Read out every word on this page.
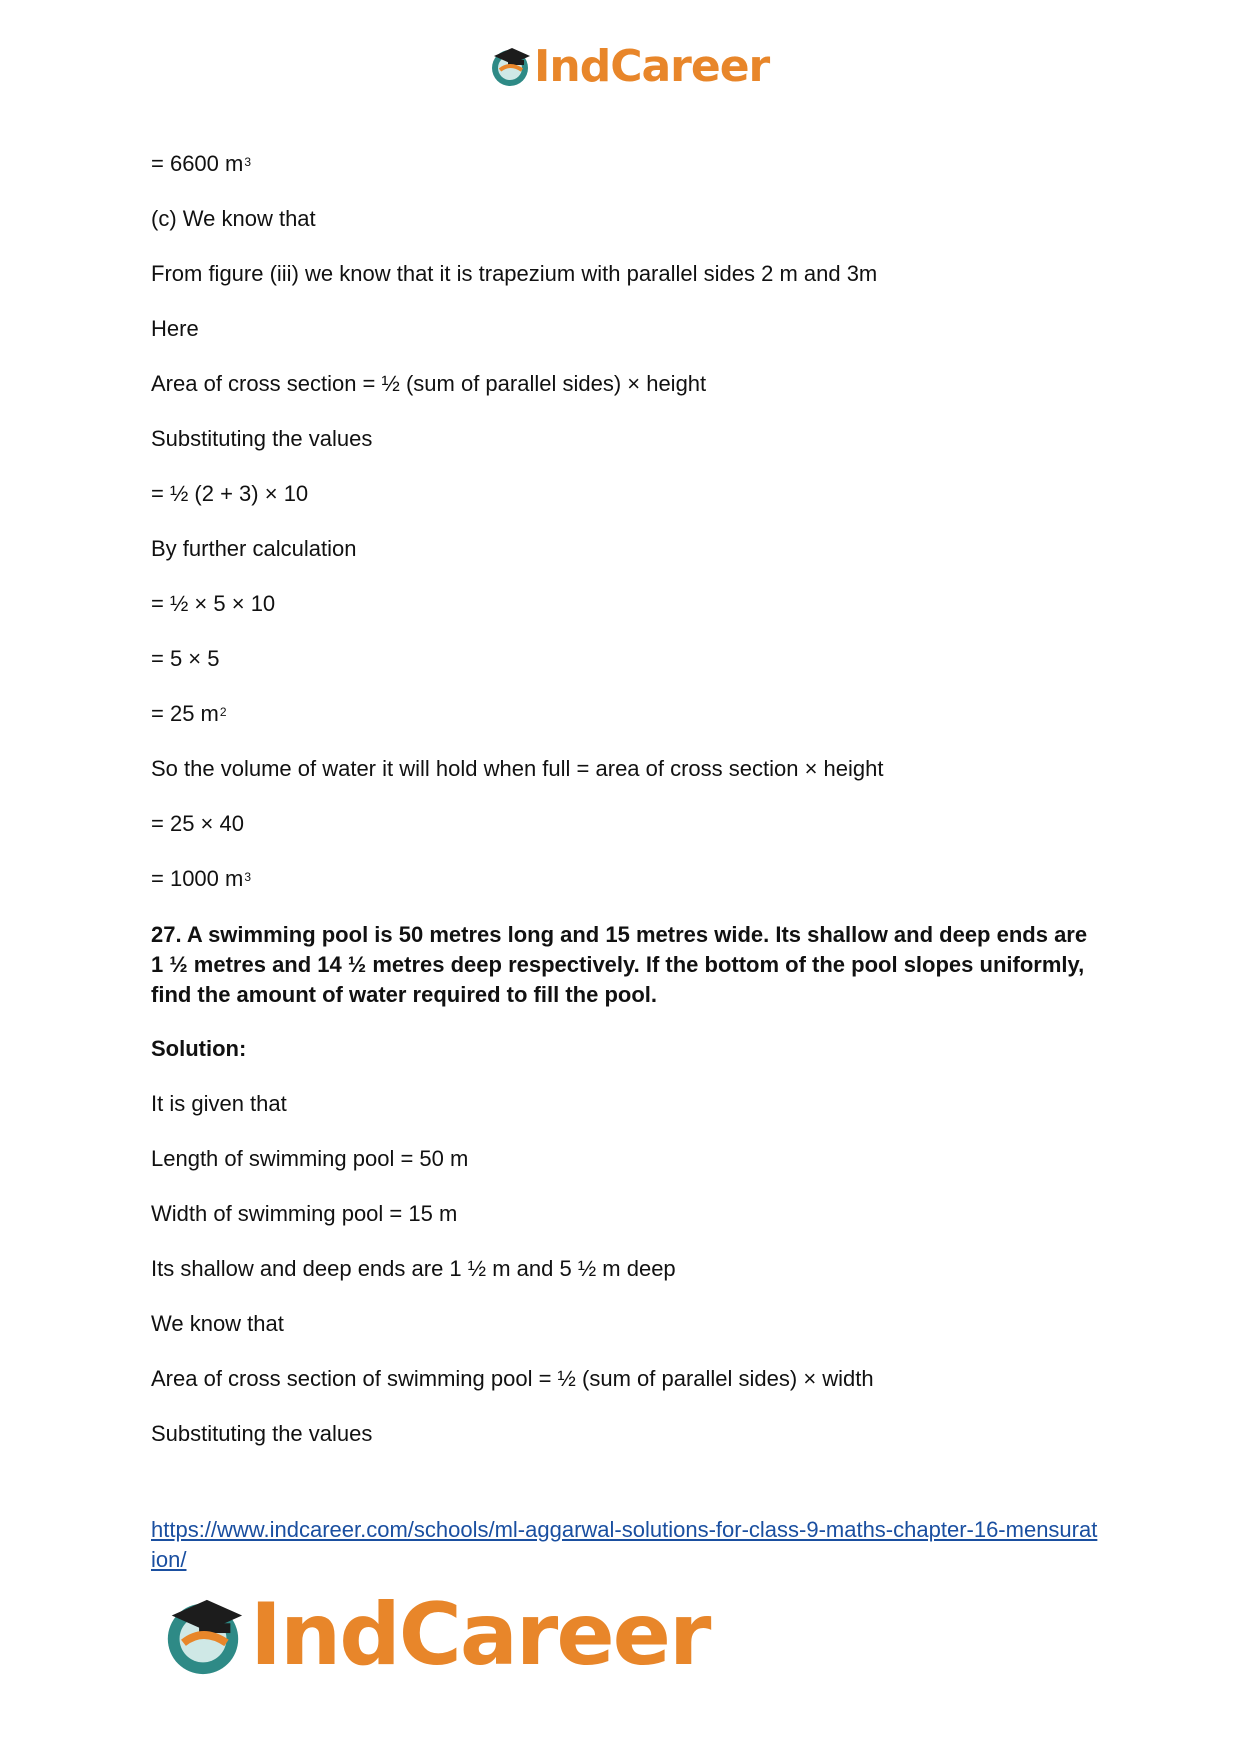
IndCareer
= 6600 $m^3$
(c) We know that
From figure (iii) we know that it is trapezium with parallel sides 2 m and 3m
Here
Area of cross section = ½ (sum of parallel sides) × height
Substituting the values
= ½ (2 + 3) × 10
By further calculation
= ½ × 5 × 10
= 5 × 5
= 25 $m^2$
So the volume of water it will hold when full = area of cross section × height
= 25 × 40
= 1000 $m^3$
27. A swimming pool is 50 metres long and 15 metres wide. Its shallow and deep ends are 1 ½ metres and 14 ½ metres deep respectively. If the bottom of the pool slopes uniformly, find the amount of water required to fill the pool.
Solution:
It is given that
Length of swimming pool = 50 m
Width of swimming pool = 15 m
Its shallow and deep ends are 1 ½ m and 5 ½ m deep
We know that
Area of cross section of swimming pool = ½ (sum of parallel sides) × width
Substituting the values
https://www.indcareer.com/schools/ml-aggarwal-solutions-for-class-9-maths-chapter-16-mensuration/
IndCareer
